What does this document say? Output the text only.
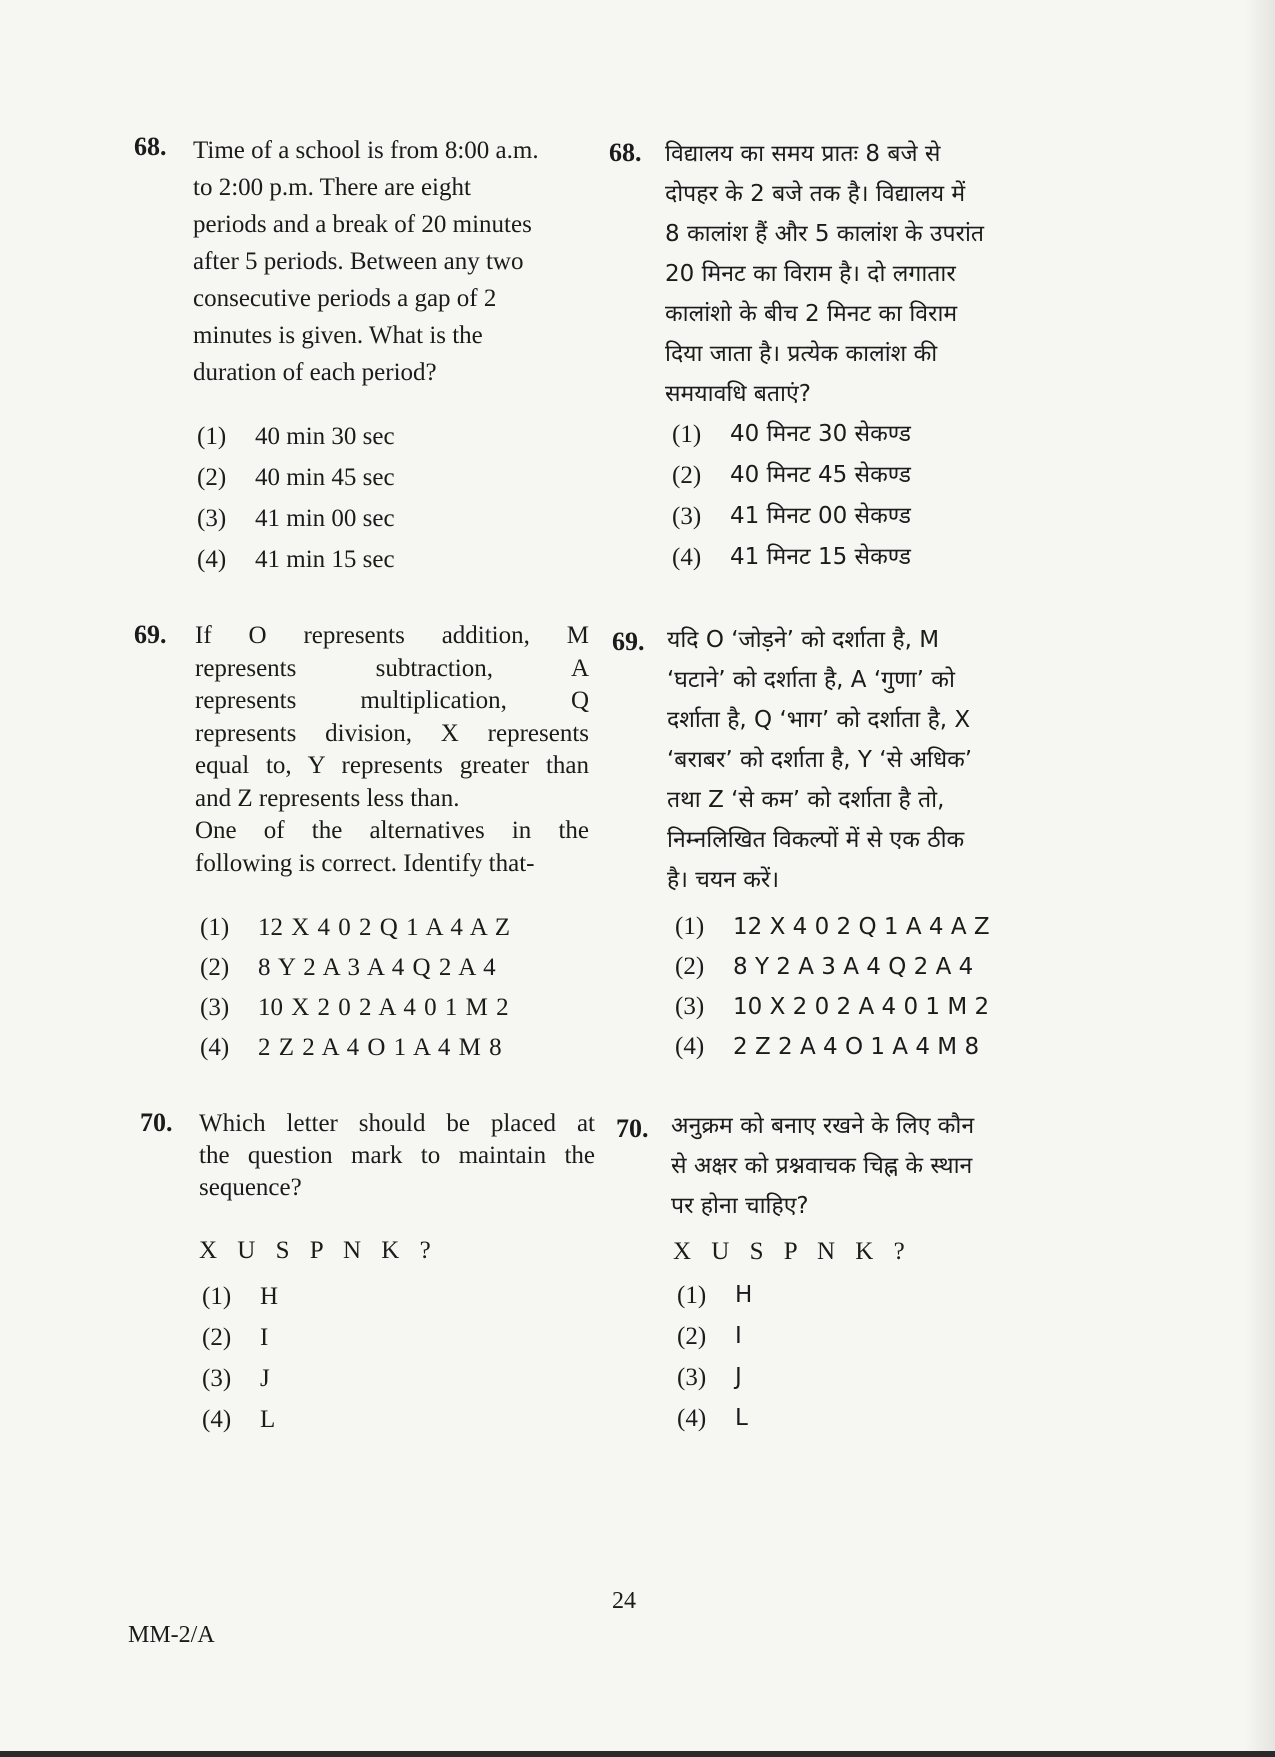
68. Time of a school is from 8:00 a.m.
to 2:00 p.m. There are eight
periods and a break of 20 minutes
after 5 periods. Between any two
consecutive periods a gap of 2
minutes is given. What is the
duration of each period?
(1)	40 min 30 sec
(2)	40 min 45 sec
(3)	41 min 00 sec
(4)	41 min 15 sec
68. विद्यालय का समय प्रातः 8 बजे से
दोपहर के 2 बजे तक है। विद्यालय में
8 कालांश हैं और 5 कालांश के उपरांत
20 मिनट का विराम है। दो लगातार
कालांशो के बीच 2 मिनट का विराम
दिया जाता है। प्रत्येक कालांश की
समयावधि बताएं?
(1)	40 मिनट 30 सेकण्ड
(2)	40 मिनट 45 सेकण्ड
(3)	41 मिनट 00 सेकण्ड
(4)	41 मिनट 15 सेकण्ड
69. If O represents addition, M
represents subtraction, A
represents multiplication, Q
represents division, X represents
equal to, Y represents greater than
and Z represents less than.
One of the alternatives in the
following is correct. Identify that-
(1)	12 X 4 0 2 Q 1 A 4 A Z
(2)	8 Y 2 A 3 A 4 Q 2 A 4
(3)	10 X 2 0 2 A 4 0 1 M 2
(4)	2 Z 2 A 4 O 1 A 4 M 8
69. यदि O ‘जोड़ने’ को दर्शाता है, M
‘घटाने’ को दर्शाता है, A ‘गुणा’ को
दर्शाता है, Q ‘भाग’ को दर्शाता है, X
‘बराबर’ को दर्शाता है, Y ‘से अधिक’
तथा Z ‘से कम’ को दर्शाता है तो,
निम्नलिखित विकल्पों में से एक ठीक
है। चयन करें।
(1)	12 X 4 0 2 Q 1 A 4 A Z
(2)	8 Y 2 A 3 A 4 Q 2 A 4
(3)	10 X 2 0 2 A 4 0 1 M 2
(4)	2 Z 2 A 4 O 1 A 4 M 8
70. Which letter should be placed at
the question mark to maintain the
sequence?
X U S P N K ?
(1)	H
(2)	I
(3)	J
(4)	L
70. अनुक्रम को बनाए रखने के लिए कौन
से अक्षर को प्रश्नवाचक चिह्न के स्थान
पर होना चाहिए?
X U S P N K ?
(1)	H
(2)	I
(3)	J
(4)	L
24
MM-2/A
